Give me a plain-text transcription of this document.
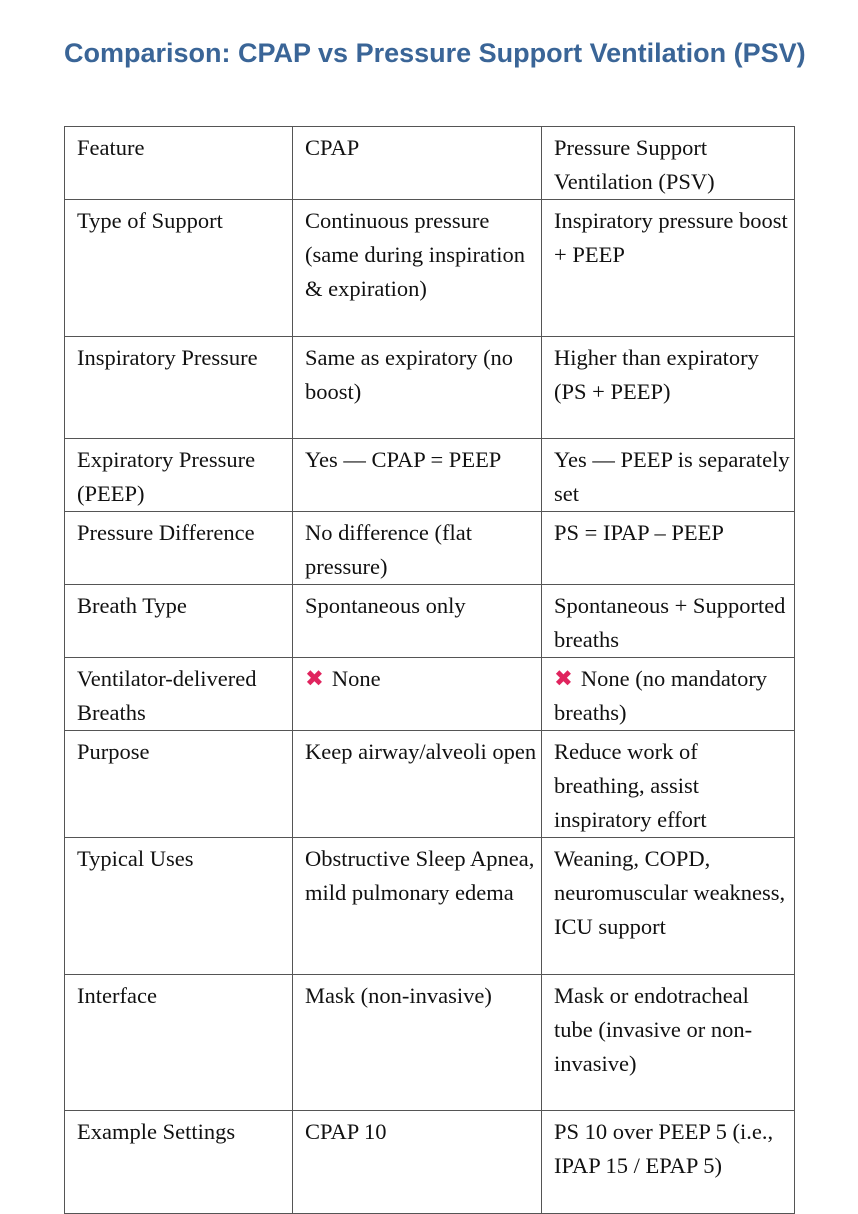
Comparison: CPAP vs Pressure Support Ventilation (PSV)
Feature	CPAP	Pressure Support Ventilation (PSV)
Type of Support	Continuous pressure (same during inspiration & expiration)	Inspiratory pressure boost + PEEP
Inspiratory Pressure	Same as expiratory (no boost)	Higher than expiratory (PS + PEEP)
Expiratory Pressure (PEEP)	Yes — CPAP = PEEP	Yes — PEEP is separately set
Pressure Difference	No difference (flat pressure)	PS = IPAP – PEEP
Breath Type	Spontaneous only	Spontaneous + Supported breaths
Ventilator-delivered Breaths	✖ None	✖ None (no mandatory breaths)
Purpose	Keep airway/alveoli open	Reduce work of breathing, assist inspiratory effort
Typical Uses	Obstructive Sleep Apnea, mild pulmonary edema	Weaning, COPD, neuromuscular weakness, ICU support
Interface	Mask (non-invasive)	Mask or endotracheal tube (invasive or non-invasive)
Example Settings	CPAP 10	PS 10 over PEEP 5 (i.e., IPAP 15 / EPAP 5)
